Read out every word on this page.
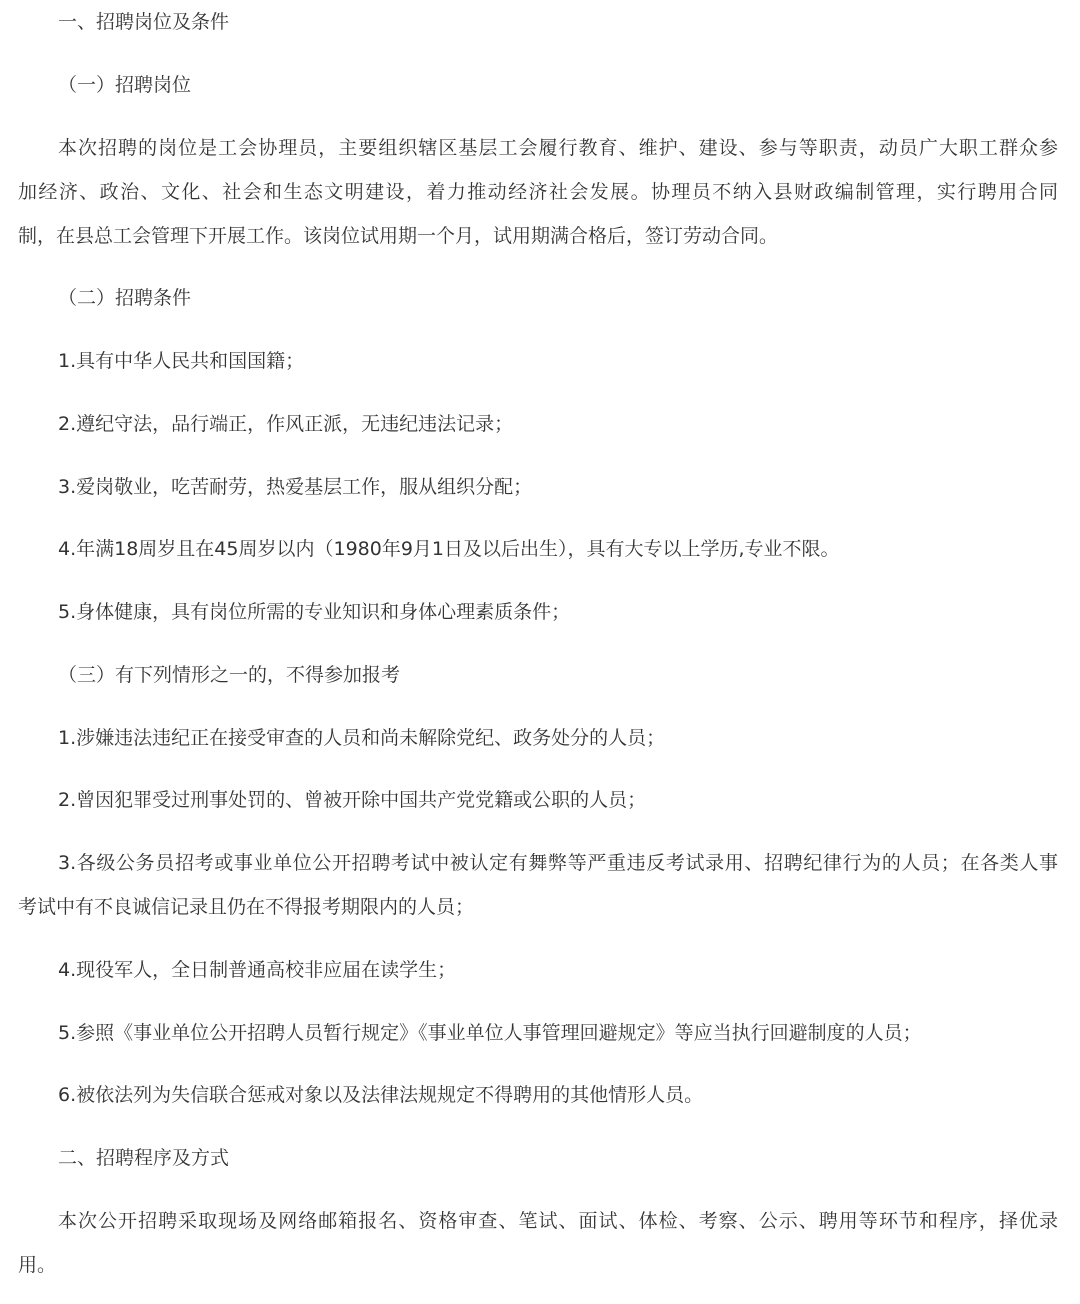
一、招聘岗位及条件

（一）招聘岗位

本次招聘的岗位是工会协理员，主要组织辖区基层工会履行教育、维护、建设、参与等职责，动员广大职工群众参
加经济、政治、文化、社会和生态文明建设，着力推动经济社会发展。协理员不纳入县财政编制管理，实行聘用合同
制，在县总工会管理下开展工作。该岗位试用期一个月，试用期满合格后，签订劳动合同。

（二）招聘条件

1.具有中华人民共和国国籍；

2.遵纪守法，品行端正，作风正派，无违纪违法记录；

3.爱岗敬业，吃苦耐劳，热爱基层工作，服从组织分配；

4.年满18周岁且在45周岁以内（1980年9月1日及以后出生），具有大专以上学历,专业不限。

5.身体健康，具有岗位所需的专业知识和身体心理素质条件；

（三）有下列情形之一的，不得参加报考

1.涉嫌违法违纪正在接受审查的人员和尚未解除党纪、政务处分的人员；

2.曾因犯罪受过刑事处罚的、曾被开除中国共产党党籍或公职的人员；

3.各级公务员招考或事业单位公开招聘考试中被认定有舞弊等严重违反考试录用、招聘纪律行为的人员；在各类人事
考试中有不良诚信记录且仍在不得报考期限内的人员；

4.现役军人，全日制普通高校非应届在读学生；

5.参照《事业单位公开招聘人员暂行规定》《事业单位人事管理回避规定》等应当执行回避制度的人员；

6.被依法列为失信联合惩戒对象以及法律法规规定不得聘用的其他情形人员。

二、招聘程序及方式

本次公开招聘采取现场及网络邮箱报名、资格审查、笔试、面试、体检、考察、公示、聘用等环节和程序，择优录
用。
